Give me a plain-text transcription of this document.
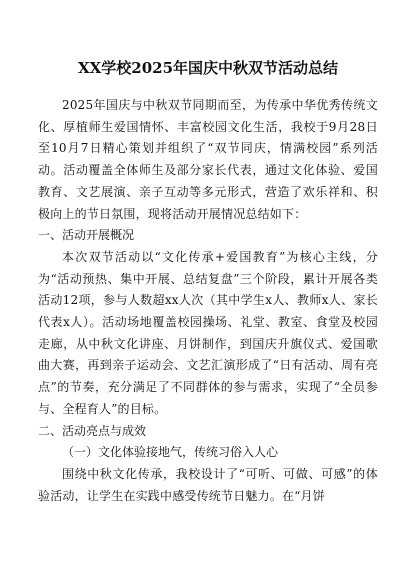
XX学校2025年国庆中秋双节活动总结

2025年国庆与中秋双节同期而至，为传承中华优秀传统文化、厚植师生爱国情怀、丰富校园文化生活，我校于9月28日至10月7日精心策划并组织了“双节同庆，情满校园”系列活动。活动覆盖全体师生及部分家长代表，通过文化体验、爱国教育、文艺展演、亲子互动等多元形式，营造了欢乐祥和、积极向上的节日氛围，现将活动开展情况总结如下：

一、活动开展概况

本次双节活动以“文化传承+爱国教育”为核心主线，分为“活动预热、集中开展、总结复盘”三个阶段，累计开展各类活动12项，参与人数超xx人次（其中学生x人、教师x人、家长代表x人）。活动场地覆盖校园操场、礼堂、教室、食堂及校园走廊，从中秋文化讲座、月饼制作，到国庆升旗仪式、爱国歌曲大赛，再到亲子运动会、文艺汇演形成了“日有活动、周有亮点”的节奏，充分满足了不同群体的参与需求，实现了“全员参与、全程育人”的目标。

二、活动亮点与成效

（一）文化体验接地气，传统习俗入人心

围绕中秋文化传承，我校设计了“可听、可做、可感”的体验活动，让学生在实践中感受传统节日魅力。在“月饼
